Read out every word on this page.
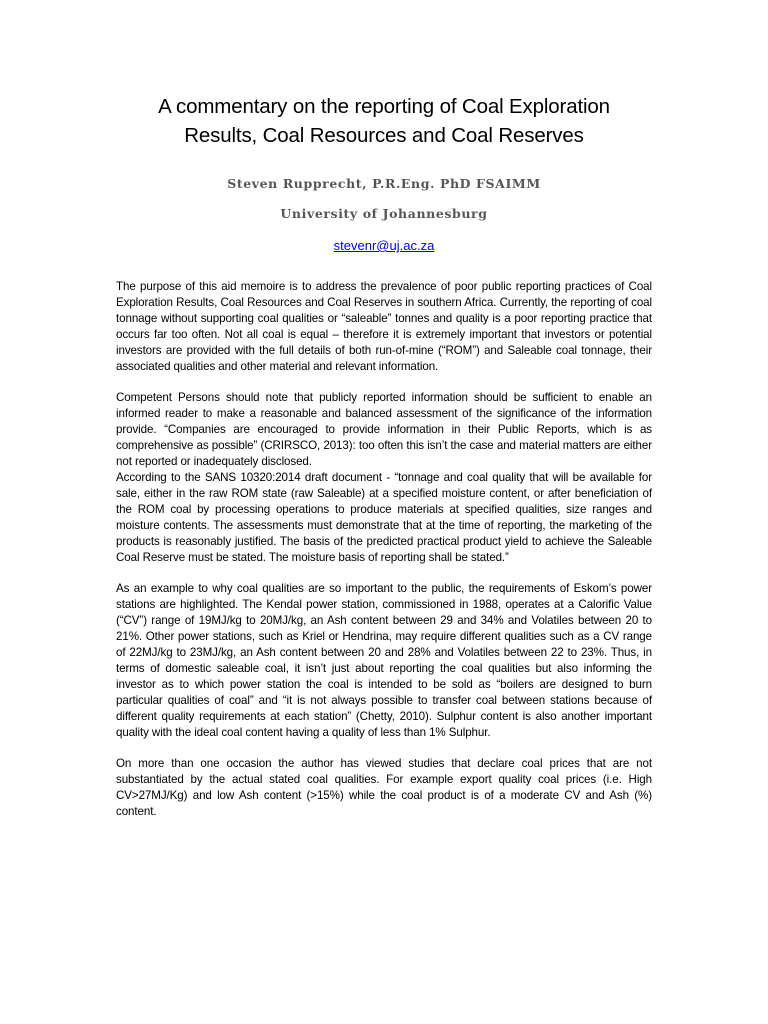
A commentary on the reporting of Coal Exploration
Results, Coal Resources and Coal Reserves
Steven Rupprecht, P.R.Eng. PhD FSAIMM
University of Johannesburg
stevenr@uj.ac.za

The purpose of this aid memoire is to address the prevalence of poor public reporting practices of Coal Exploration Results, Coal Resources and Coal Reserves in southern Africa. Currently, the reporting of coal tonnage without supporting coal qualities or “saleable” tonnes and quality is a poor reporting practice that occurs far too often. Not all coal is equal – therefore it is extremely important that investors or potential investors are provided with the full details of both run-of-mine (“ROM”) and Saleable coal tonnage, their associated qualities and other material and relevant information.

Competent Persons should note that publicly reported information should be sufficient to enable an informed reader to make a reasonable and balanced assessment of the significance of the information provide. “Companies are encouraged to provide information in their Public Reports, which is as comprehensive as possible” (CRIRSCO, 2013): too often this isn’t the case and material matters are either not reported or inadequately disclosed.

According to the SANS 10320:2014 draft document - “tonnage and coal quality that will be available for sale, either in the raw ROM state (raw Saleable) at a specified moisture content, or after beneficiation of the ROM coal by processing operations to produce materials at specified qualities, size ranges and moisture contents. The assessments must demonstrate that at the time of reporting, the marketing of the products is reasonably justified. The basis of the predicted practical product yield to achieve the Saleable Coal Reserve must be stated. The moisture basis of reporting shall be stated.”

As an example to why coal qualities are so important to the public, the requirements of Eskom’s power stations are highlighted. The Kendal power station, commissioned in 1988, operates at a Calorific Value (“CV”) range of 19MJ/kg to 20MJ/kg, an Ash content between 29 and 34% and Volatiles between 20 to 21%. Other power stations, such as Kriel or Hendrina, may require different qualities such as a CV range of 22MJ/kg to 23MJ/kg, an Ash content between 20 and 28% and Volatiles between 22 to 23%. Thus, in terms of domestic saleable coal, it isn’t just about reporting the coal qualities but also informing the investor as to which power station the coal is intended to be sold as “boilers are designed to burn particular qualities of coal” and “it is not always possible to transfer coal between stations because of different quality requirements at each station” (Chetty, 2010). Sulphur content is also another important quality with the ideal coal content having a quality of less than 1% Sulphur.

On more than one occasion the author has viewed studies that declare coal prices that are not substantiated by the actual stated coal qualities. For example export quality coal prices (i.e. High CV>27MJ/Kg) and low Ash content (>15%) while the coal product is of a moderate CV and Ash (%) content.
